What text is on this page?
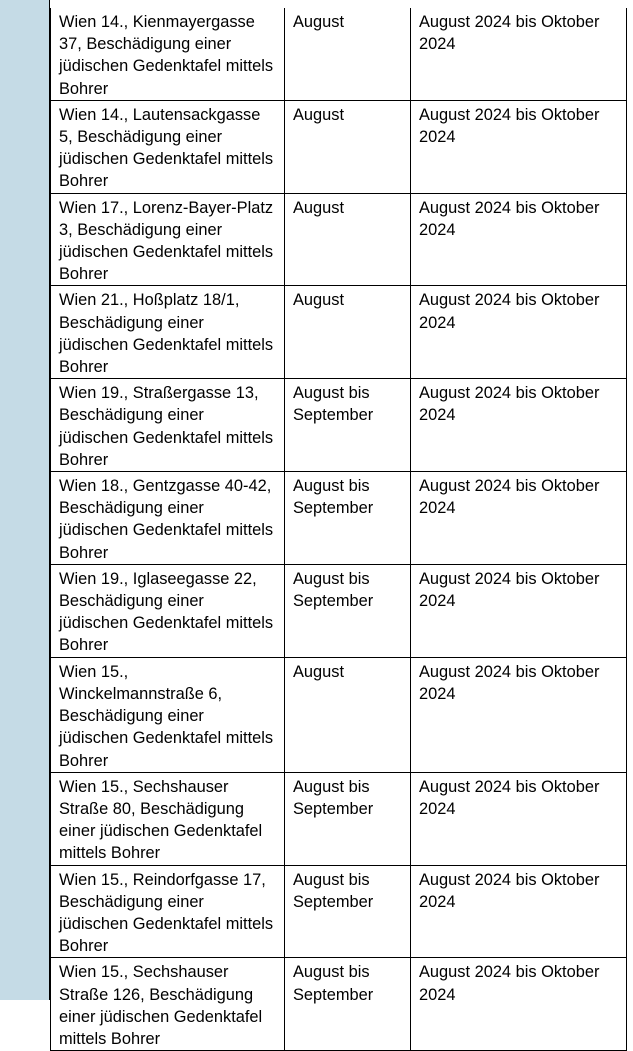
Wien 14., Kienmayergasse 37, Beschädigung einer jüdischen Gedenktafel mittels Bohrer	August	August 2024 bis Oktober 2024
Wien 14., Lautensackgasse 5, Beschädigung einer jüdischen Gedenktafel mittels Bohrer	August	August 2024 bis Oktober 2024
Wien 17., Lorenz-Bayer-Platz 3, Beschädigung einer jüdischen Gedenktafel mittels Bohrer	August	August 2024 bis Oktober 2024
Wien 21., Hoßplatz 18/1, Beschädigung einer jüdischen Gedenktafel mittels Bohrer	August	August 2024 bis Oktober 2024
Wien 19., Straßergasse 13, Beschädigung einer jüdischen Gedenktafel mittels Bohrer	August bis September	August 2024 bis Oktober 2024
Wien 18., Gentzgasse 40-42, Beschädigung einer jüdischen Gedenktafel mittels Bohrer	August bis September	August 2024 bis Oktober 2024
Wien 19., Iglaseegasse 22, Beschädigung einer jüdischen Gedenktafel mittels Bohrer	August bis September	August 2024 bis Oktober 2024
Wien 15., Winckelmannstraße 6, Beschädigung einer jüdischen Gedenktafel mittels Bohrer	August	August 2024 bis Oktober 2024
Wien 15., Sechshauser Straße 80, Beschädigung einer jüdischen Gedenktafel mittels Bohrer	August bis September	August 2024 bis Oktober 2024
Wien 15., Reindorfgasse 17, Beschädigung einer jüdischen Gedenktafel mittels Bohrer	August bis September	August 2024 bis Oktober 2024
Wien 15., Sechshauser Straße 126, Beschädigung einer jüdischen Gedenktafel mittels Bohrer	August bis September	August 2024 bis Oktober 2024
